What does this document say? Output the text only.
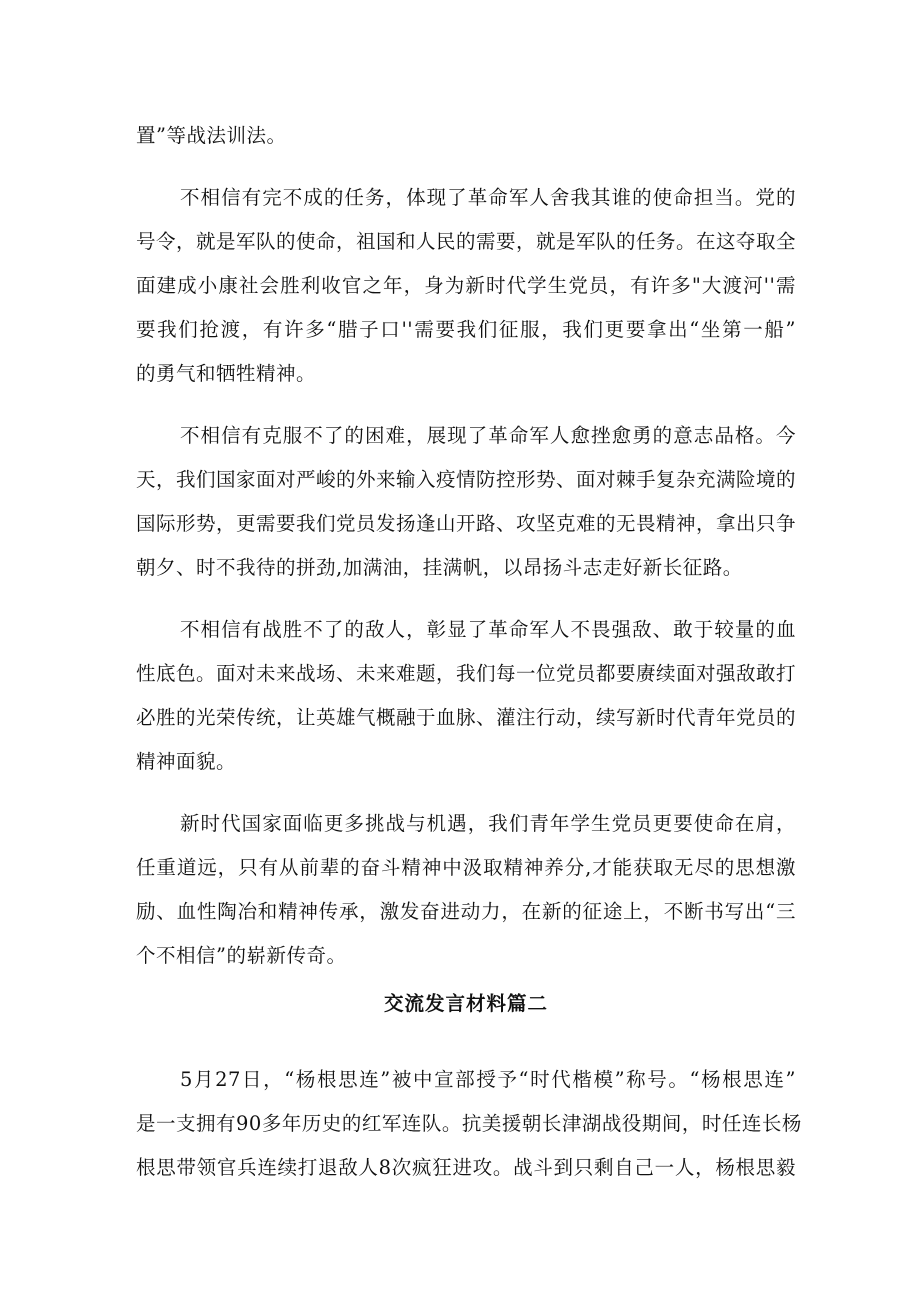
置”等战法训法。
不相信有完不成的任务，体现了革命军人舍我其谁的使命担当。党的
号令，就是军队的使命，祖国和人民的需要，就是军队的任务。在这夺取全
面建成小康社会胜利收官之年，身为新时代学生党员，有许多"大渡河''需
要我们抢渡，有许多“腊子口''需要我们征服，我们更要拿出“坐第一船”
的勇气和牺牲精神。
不相信有克服不了的困难，展现了革命军人愈挫愈勇的意志品格。今
天，我们国家面对严峻的外来输入疫情防控形势、面对棘手复杂充满险境的
国际形势，更需要我们党员发扬逢山开路、攻坚克难的无畏精神，拿出只争
朝夕、时不我待的拼劲,加满油，挂满帆，以昂扬斗志走好新长征路。
不相信有战胜不了的敌人，彰显了革命军人不畏强敌、敢于较量的血
性底色。面对未来战场、未来难题，我们每一位党员都要赓续面对强敌敢打
必胜的光荣传统，让英雄气概融于血脉、灌注行动，续写新时代青年党员的
精神面貌。
新时代国家面临更多挑战与机遇，我们青年学生党员更要使命在肩，
任重道远，只有从前辈的奋斗精神中汲取精神养分,才能获取无尽的思想激
励、血性陶冶和精神传承，激发奋进动力，在新的征途上，不断书写出“三
个不相信”的崭新传奇。
交流发言材料篇二
5月27日，“杨根思连”被中宣部授予“时代楷模”称号。“杨根思连”
是一支拥有90多年历史的红军连队。抗美援朝长津湖战役期间，时任连长杨
根思带领官兵连续打退敌人8次疯狂进攻。战斗到只剩自己一人，杨根思毅
